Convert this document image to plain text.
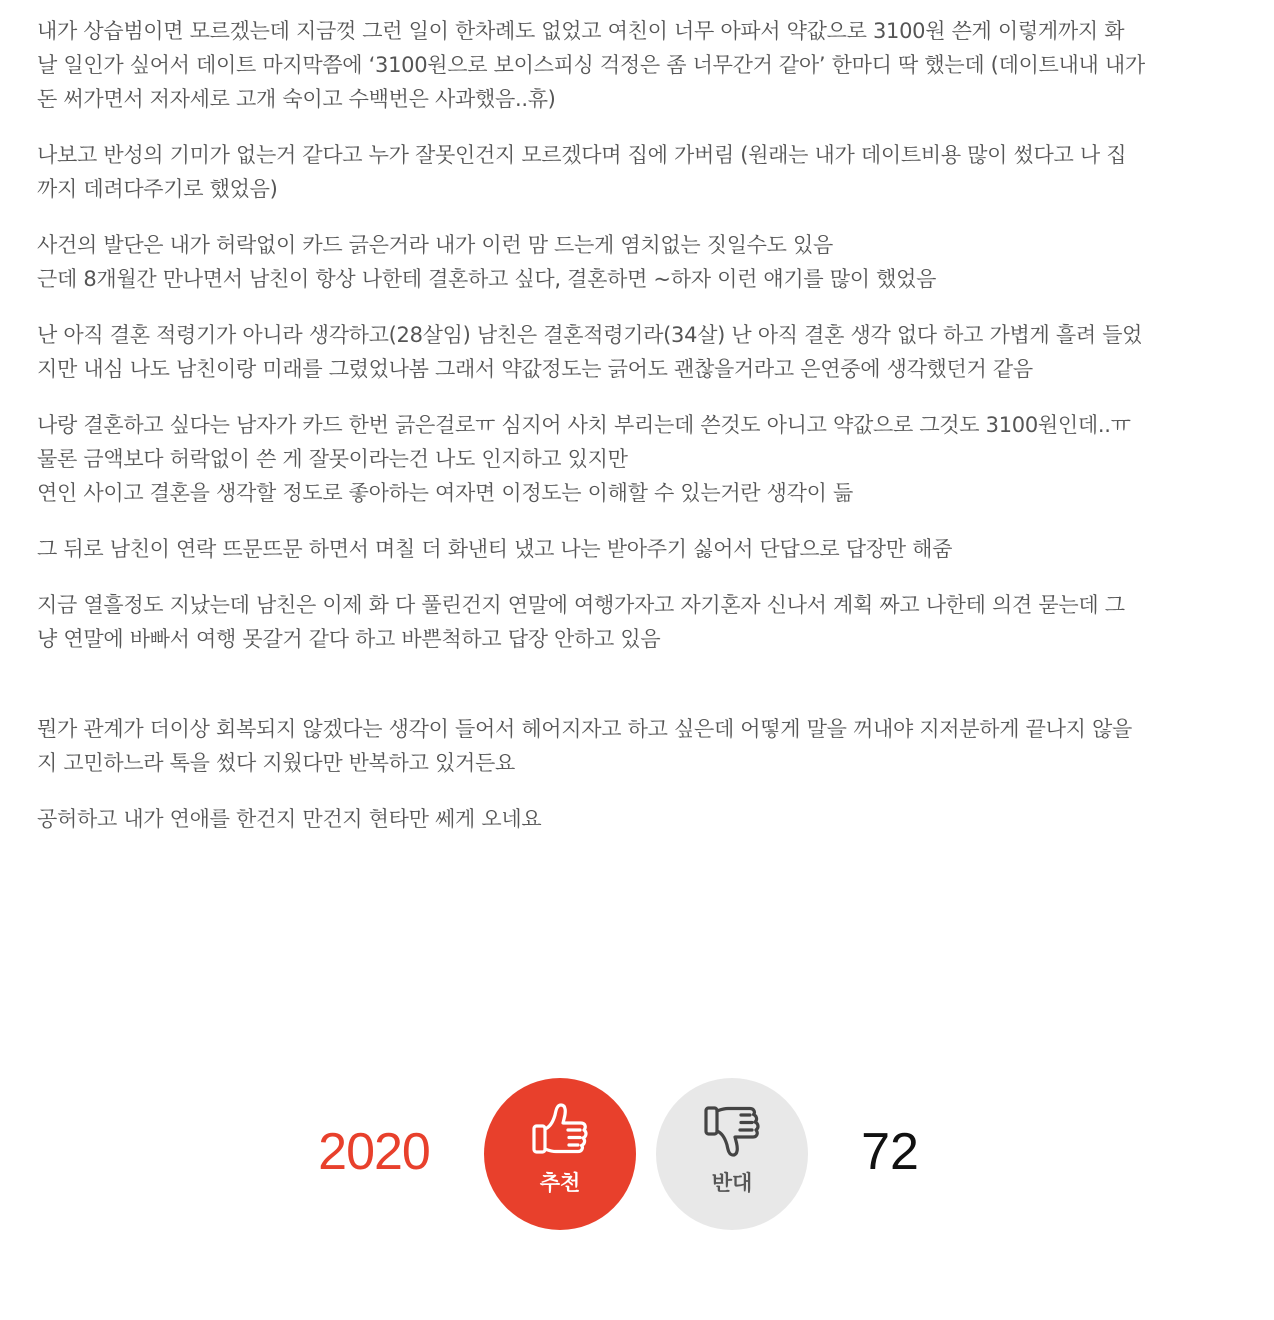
내가 상습범이면 모르겠는데 지금껏 그런 일이 한차례도 없었고 여친이 너무 아파서 약값으로 3100원 쓴게 이렇게까지 화
날 일인가 싶어서 데이트 마지막쯤에 ‘3100원으로 보이스피싱 걱정은 좀 너무간거 같아’ 한마디 딱 했는데 (데이트내내 내가
돈 써가면서 저자세로 고개 숙이고 수백번은 사과했음..휴)

나보고 반성의 기미가 없는거 같다고 누가 잘못인건지 모르겠다며 집에 가버림 (원래는 내가 데이트비용 많이 썼다고 나 집
까지 데려다주기로 했었음)

사건의 발단은 내가 허락없이 카드 긁은거라 내가 이런 맘 드는게 염치없는 짓일수도 있음
근데 8개월간 만나면서 남친이 항상 나한테 결혼하고 싶다, 결혼하면 ~하자 이런 얘기를 많이 했었음

난 아직 결혼 적령기가 아니라 생각하고(28살임) 남친은 결혼적령기라(34살) 난 아직 결혼 생각 없다 하고 가볍게 흘려 들었
지만 내심 나도 남친이랑 미래를 그렸었나봄 그래서 약값정도는 긁어도 괜찮을거라고 은연중에 생각했던거 같음

나랑 결혼하고 싶다는 남자가 카드 한번 긁은걸로ㅠ 심지어 사치 부리는데 쓴것도 아니고 약값으로 그것도 3100원인데..ㅠ
물론 금액보다 허락없이 쓴 게 잘못이라는건 나도 인지하고 있지만
연인 사이고 결혼을 생각할 정도로 좋아하는 여자면 이정도는 이해할 수 있는거란 생각이 듦

그 뒤로 남친이 연락 뜨문뜨문 하면서 며칠 더 화낸티 냈고 나는 받아주기 싫어서 단답으로 답장만 해줌

지금 열흘정도 지났는데 남친은 이제 화 다 풀린건지 연말에 여행가자고 자기혼자 신나서 계획 짜고 나한테 의견 묻는데 그
냥 연말에 바빠서 여행 못갈거 같다 하고 바쁜척하고 답장 안하고 있음

뭔가 관계가 더이상 회복되지 않겠다는 생각이 들어서 헤어지자고 하고 싶은데 어떻게 말을 꺼내야 지저분하게 끝나지 않을
지 고민하느라 톡을 썼다 지웠다만 반복하고 있거든요

공허하고 내가 연애를 한건지 만건지 현타만 쎄게 오네요

2020
추천	반대
72
